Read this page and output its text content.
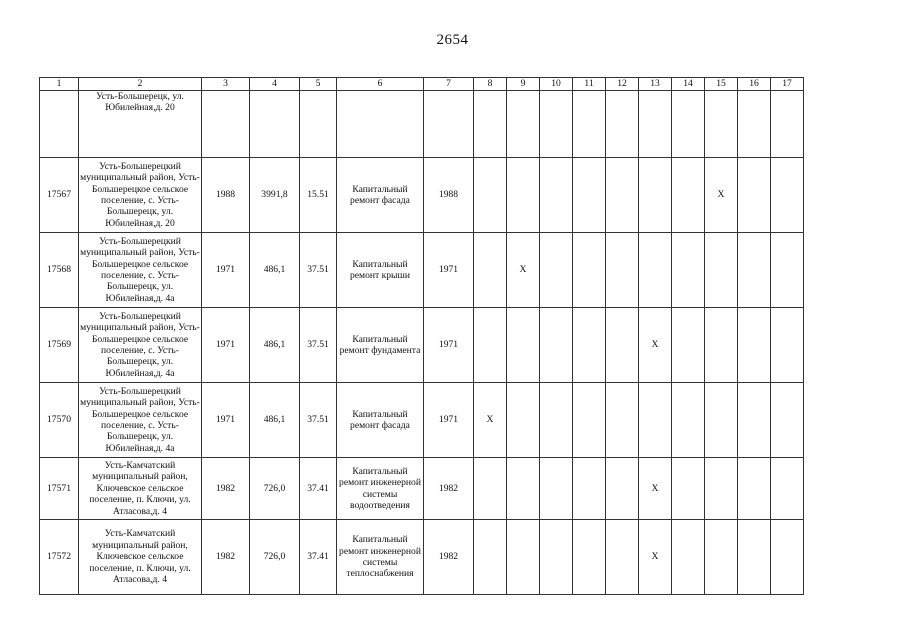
2654
1	2	3	4	5	6	7	8	9	10	11	12	13	14	15	16	17
	Усть-Большерецк, ул. Юбилейная,д. 20															
17567	Усть-Большерецкий муниципальный район, Усть-Большерецкое сельское поселение, с. Усть-Большерецк, ул. Юбилейная,д. 20	1988	3991,8	15.51	Капитальный ремонт фасада	1988								X		
17568	Усть-Большерецкий муниципальный район, Усть-Большерецкое сельское поселение, с. Усть-Большерецк, ул. Юбилейная,д. 4а	1971	486,1	37.51	Капитальный ремонт крыши	1971		X								
17569	Усть-Большерецкий муниципальный район, Усть-Большерецкое сельское поселение, с. Усть-Большерецк, ул. Юбилейная,д. 4а	1971	486,1	37.51	Капитальный ремонт фундамента	1971						X				
17570	Усть-Большерецкий муниципальный район, Усть-Большерецкое сельское поселение, с. Усть-Большерецк, ул. Юбилейная,д. 4а	1971	486,1	37.51	Капитальный ремонт фасада	1971	X									
17571	Усть-Камчатский муниципальный район, Ключевское сельское поселение, п. Ключи, ул. Атласова,д. 4	1982	726,0	37.41	Капитальный ремонт инженерной системы водоотведения	1982						X				
17572	Усть-Камчатский муниципальный район, Ключевское сельское поселение, п. Ключи, ул. Атласова,д. 4	1982	726,0	37.41	Капитальный ремонт инженерной системы теплоснабжения	1982						X				
